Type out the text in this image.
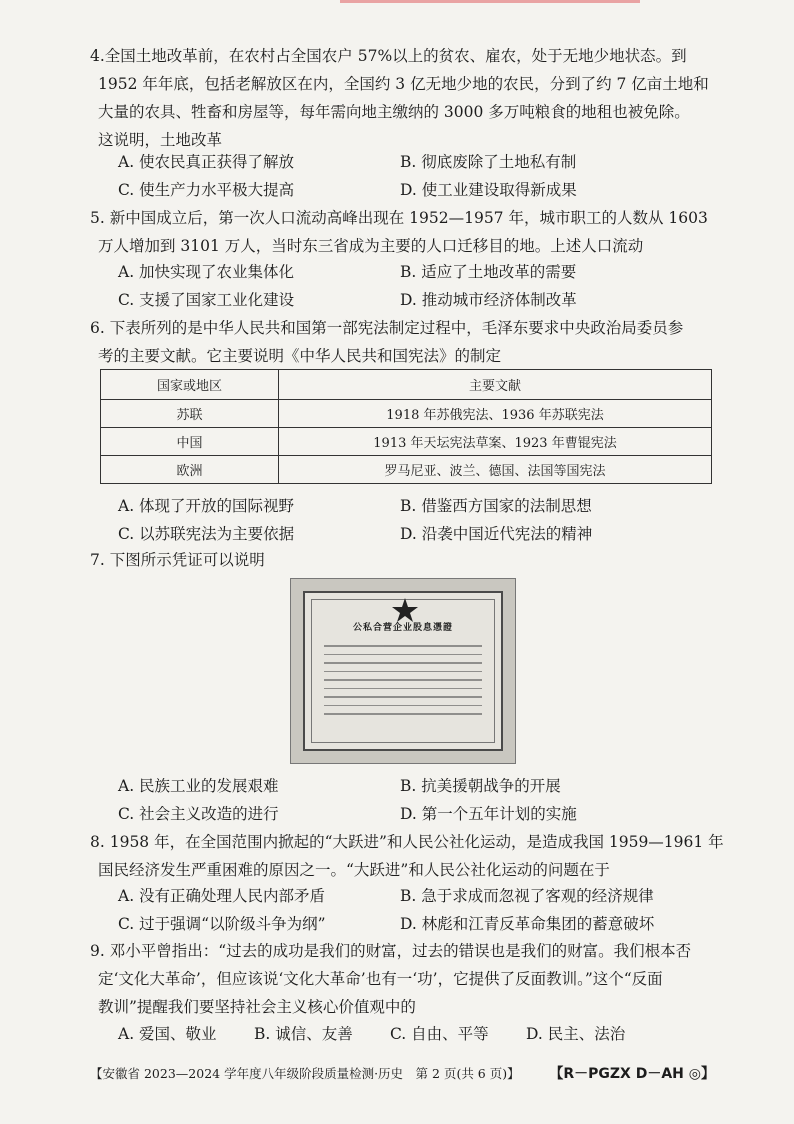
4.全国土地改革前，在农村占全国农户 57%以上的贫农、雇农，处于无地少地状态。到
1952 年年底，包括老解放区在内，全国约 3 亿无地少地的农民，分到了约 7 亿亩土地和
大量的农具、牲畜和房屋等，每年需向地主缴纳的 3000 多万吨粮食的地租也被免除。
这说明，土地改革
A. 使农民真正获得了解放	B. 彻底废除了土地私有制
C. 使生产力水平极大提高	D. 使工业建设取得新成果
5. 新中国成立后，第一次人口流动高峰出现在 1952—1957 年，城市职工的人数从 1603
万人增加到 3101 万人，当时东三省成为主要的人口迁移目的地。上述人口流动
A. 加快实现了农业集体化	B. 适应了土地改革的需要
C. 支援了国家工业化建设	D. 推动城市经济体制改革
6. 下表所列的是中华人民共和国第一部宪法制定过程中，毛泽东要求中央政治局委员参
考的主要文献。它主要说明《中华人民共和国宪法》的制定
国家或地区	主要文献
苏联	1918 年苏俄宪法、1936 年苏联宪法
中国	1913 年天坛宪法草案、1923 年曹锟宪法
欧洲	罗马尼亚、波兰、德国、法国等国宪法
A. 体现了开放的国际视野	B. 借鉴西方国家的法制思想
C. 以苏联宪法为主要依据	D. 沿袭中国近代宪法的精神
7. 下图所示凭证可以说明
公私合营企业股息憑證
A. 民族工业的发展艰难	B. 抗美援朝战争的开展
C. 社会主义改造的进行	D. 第一个五年计划的实施
8. 1958 年，在全国范围内掀起的“大跃进”和人民公社化运动，是造成我国 1959—1961 年
国民经济发生严重困难的原因之一。“大跃进”和人民公社化运动的问题在于
A. 没有正确处理人民内部矛盾	B. 急于求成而忽视了客观的经济规律
C. 过于强调“以阶级斗争为纲”	D. 林彪和江青反革命集团的蓄意破坏
9. 邓小平曾指出：“过去的成功是我们的财富，过去的错误也是我们的财富。我们根本否
定‘文化大革命’，但应该说‘文化大革命’也有一‘功’，它提供了反面教训。”这个“反面
教训”提醒我们要坚持社会主义核心价值观中的
A. 爱国、敬业	B. 诚信、友善	C. 自由、平等	D. 民主、法治
【安徽省 2023—2024 学年度八年级阶段质量检测·历史　第 2 页(共 6 页)】 【R－PGZX D－AH ◎】
